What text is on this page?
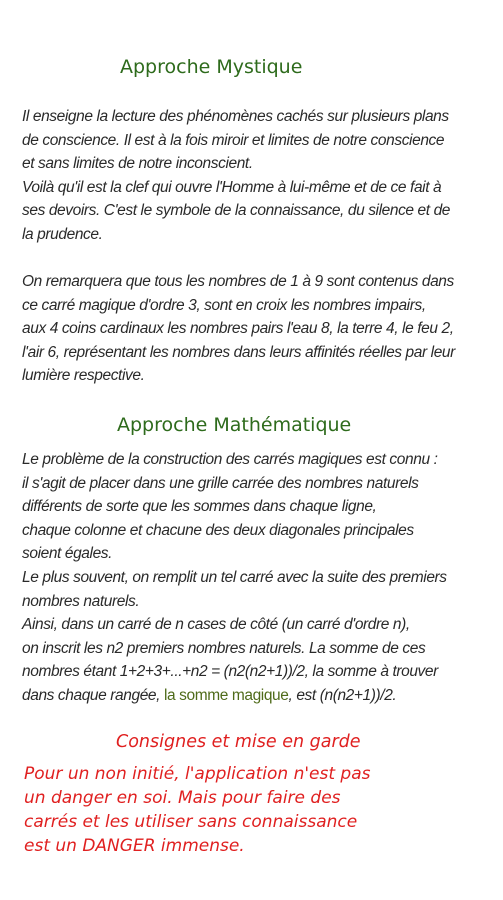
Approche Mystique
Il enseigne la lecture des phénomènes cachés sur plusieurs plans
de conscience. Il est à la fois miroir et limites de notre conscience
et sans limites de notre inconscient.
Voilà qu'il est la clef qui ouvre l'Homme à lui-même et de ce fait à
ses devoirs. C'est le symbole de la connaissance, du silence et de
la prudence.
On remarquera que tous les nombres de 1 à 9 sont contenus dans
ce carré magique d'ordre 3, sont en croix les nombres impairs,
aux 4 coins cardinaux les nombres pairs l'eau 8, la terre 4, le feu 2,
l'air 6, représentant les nombres dans leurs affinités réelles par leur
lumière respective.
Approche Mathématique
Le problème de la construction des carrés magiques est connu :
il s'agit de placer dans une grille carrée des nombres naturels
différents de sorte que les sommes dans chaque ligne,
chaque colonne et chacune des deux diagonales principales
soient égales.
Le plus souvent, on remplit un tel carré avec la suite des premiers
nombres naturels.
Ainsi, dans un carré de n cases de côté (un carré d'ordre n),
on inscrit les n2 premiers nombres naturels. La somme de ces
nombres étant 1+2+3+...+n2 = (n2(n2+1))/2, la somme à trouver
dans chaque rangée, la somme magique, est (n(n2+1))/2.
Consignes et mise en garde
Pour un non initié, l'application n'est pas
un danger en soi. Mais pour faire des
carrés et les utiliser sans connaissance
est un DANGER immense.
